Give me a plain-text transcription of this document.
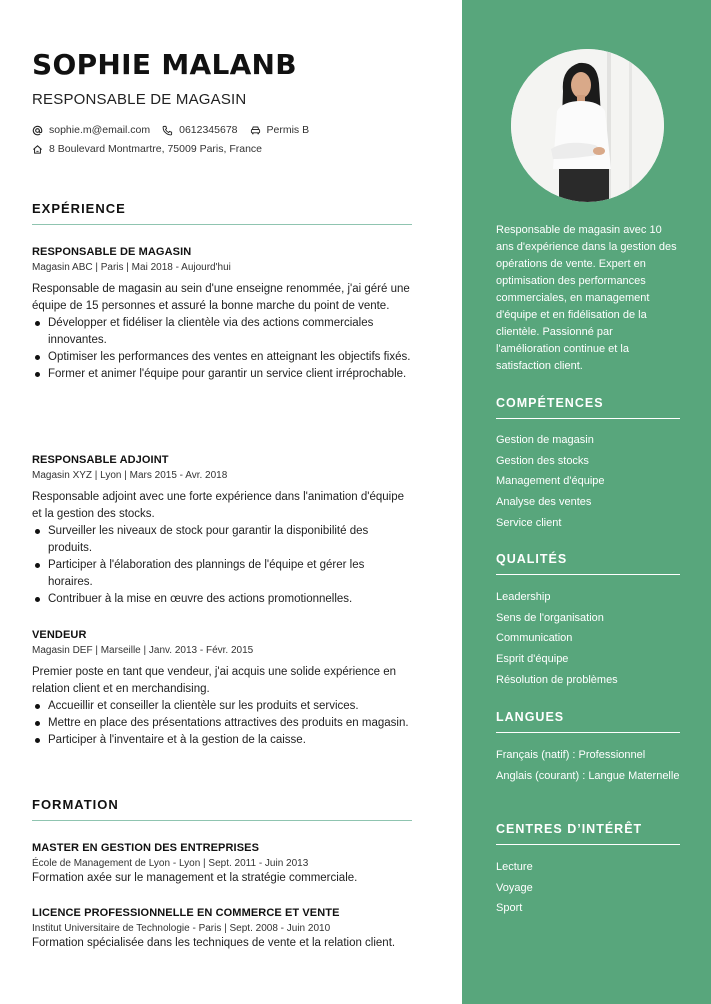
SOPHIE MALANB
RESPONSABLE DE MAGASIN
sophie.m@email.com	0612345678	Permis B
8 Boulevard Montmartre, 75009 Paris, France
EXPÉRIENCE
RESPONSABLE DE MAGASIN
Magasin ABC | Paris | Mai 2018 - Aujourd'hui
Responsable de magasin au sein d'une enseigne renommée, j'ai géré une équipe de 15 personnes et assuré la bonne marche du point de vente.
Développer et fidéliser la clientèle via des actions commerciales innovantes.
Optimiser les performances des ventes en atteignant les objectifs fixés.
Former et animer l'équipe pour garantir un service client irréprochable.
RESPONSABLE ADJOINT
Magasin XYZ | Lyon | Mars 2015 - Avr. 2018
Responsable adjoint avec une forte expérience dans l'animation d'équipe et la gestion des stocks.
Surveiller les niveaux de stock pour garantir la disponibilité des produits.
Participer à l'élaboration des plannings de l'équipe et gérer les horaires.
Contribuer à la mise en œuvre des actions promotionnelles.
VENDEUR
Magasin DEF | Marseille | Janv. 2013 - Févr. 2015
Premier poste en tant que vendeur, j'ai acquis une solide expérience en relation client et en merchandising.
Accueillir et conseiller la clientèle sur les produits et services.
Mettre en place des présentations attractives des produits en magasin.
Participer à l'inventaire et à la gestion de la caisse.
FORMATION
MASTER EN GESTION DES ENTREPRISES
École de Management de Lyon - Lyon | Sept. 2011 - Juin 2013
Formation axée sur le management et la stratégie commerciale.
LICENCE PROFESSIONNELLE EN COMMERCE ET VENTE
Institut Universitaire de Technologie - Paris | Sept. 2008 - Juin 2010
Formation spécialisée dans les techniques de vente et la relation client.
Responsable de magasin avec 10 ans d'expérience dans la gestion des opérations de vente. Expert en optimisation des performances commerciales, en management d'équipe et en fidélisation de la clientèle. Passionné par l'amélioration continue et la satisfaction client.
COMPÉTENCES
Gestion de magasin
Gestion des stocks
Management d'équipe
Analyse des ventes
Service client
QUALITÉS
Leadership
Sens de l'organisation
Communication
Esprit d'équipe
Résolution de problèmes
LANGUES
Français (natif) : Professionnel
Anglais (courant) : Langue Maternelle
CENTRES D’INTÉRÊT
Lecture
Voyage
Sport
